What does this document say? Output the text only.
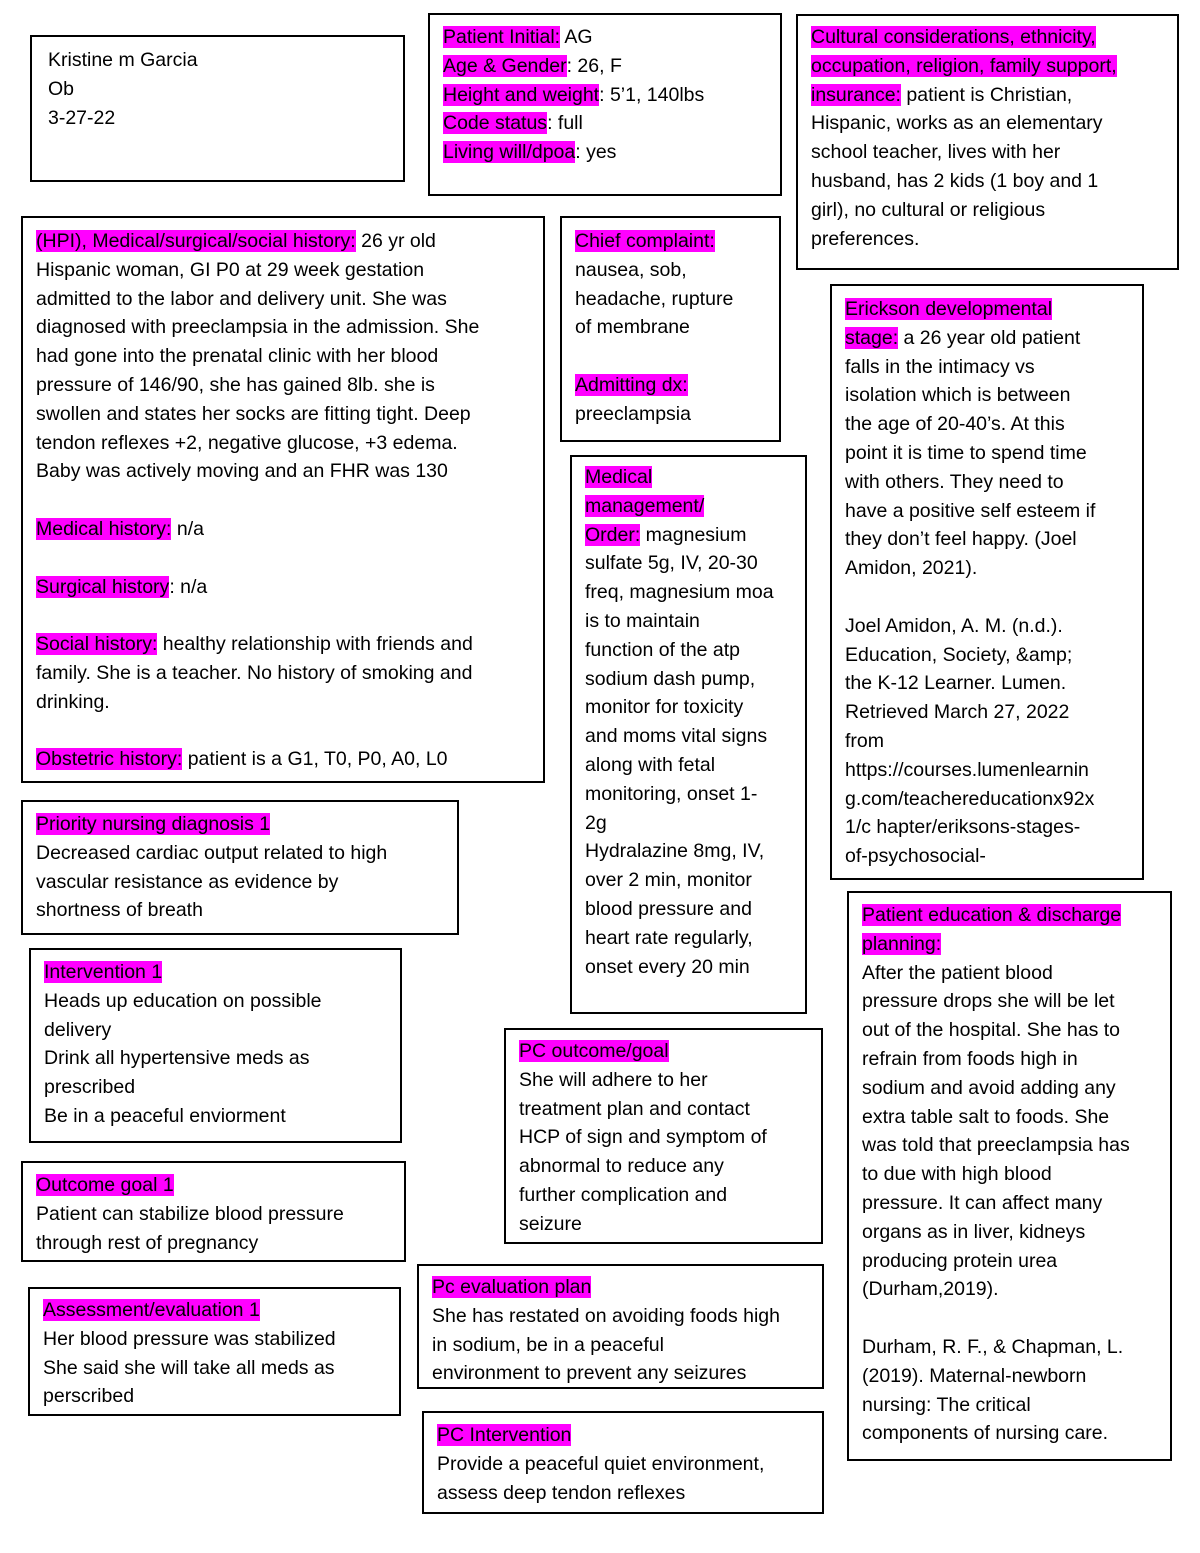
Kristine m Garcia
Ob
3-27-22
Patient Initial: AG
Age & Gender: 26, F
Height and weight: 5’1, 140lbs
Code status: full
Living will/dpoa: yes
Cultural considerations, ethnicity,
occupation, religion, family support,
insurance: patient is Christian,
Hispanic, works as an elementary
school teacher, lives with her
husband, has 2 kids (1 boy and 1
girl), no cultural or religious
preferences.
(HPI), Medical/surgical/social history: 26 yr old
Hispanic woman, GI P0 at 29 week gestation
admitted to the labor and delivery unit. She was
diagnosed with preeclampsia in the admission. She
had gone into the prenatal clinic with her blood
pressure of 146/90, she has gained 8lb. she is
swollen and states her socks are fitting tight. Deep
tendon reflexes +2, negative glucose, +3 edema.
Baby was actively moving and an FHR was 130
Medical history: n/a
Surgical history: n/a
Social history: healthy relationship with friends and
family. She is a teacher. No history of smoking and
drinking.
Obstetric history: patient is a G1, T0, P0, A0, L0
Chief complaint:
nausea, sob,
headache, rupture
of membrane
Admitting dx:
preeclampsia
Erickson developmental
stage: a 26 year old patient
falls in the intimacy vs
isolation which is between
the age of 20-40’s. At this
point it is time to spend time
with others. They need to
have a positive self esteem if
they don’t feel happy. (Joel
Amidon, 2021).
Joel Amidon, A. M. (n.d.).
Education, Society, &amp;
the K-12 Learner. Lumen.
Retrieved March 27, 2022
from
https://courses.lumenlearnin
g.com/teachereducationx92x
1/c hapter/eriksons-stages-
of-psychosocial-
Medical
management/
Order: magnesium
sulfate 5g, IV, 20-30
freq, magnesium moa
is to maintain
function of the atp
sodium dash pump,
monitor for toxicity
and moms vital signs
along with fetal
monitoring, onset 1-
2g
Hydralazine 8mg, IV,
over 2 min, monitor
blood pressure and
heart rate regularly,
onset every 20 min
Priority nursing diagnosis 1
Decreased cardiac output related to high
vascular resistance as evidence by
shortness of breath
Intervention 1
Heads up education on possible
delivery
Drink all hypertensive meds as
prescribed
Be in a peaceful enviorment
PC outcome/goal
She will adhere to her
treatment plan and contact
HCP of sign and symptom of
abnormal to reduce any
further complication and
seizure
Patient education & discharge
planning:
After the patient blood
pressure drops she will be let
out of the hospital. She has to
refrain from foods high in
sodium and avoid adding any
extra table salt to foods. She
was told that preeclampsia has
to due with high blood
pressure. It can affect many
organs as in liver, kidneys
producing protein urea
(Durham,2019).
Durham, R. F., & Chapman, L.
(2019). Maternal-newborn
nursing: The critical
components of nursing care.
Outcome goal 1
Patient can stabilize blood pressure
through rest of pregnancy
Pc evaluation plan
She has restated on avoiding foods high
in sodium, be in a peaceful
environment to prevent any seizures
Assessment/evaluation 1
Her blood pressure was stabilized
She said she will take all meds as
perscribed
PC Intervention
Provide a peaceful quiet environment,
assess deep tendon reflexes
